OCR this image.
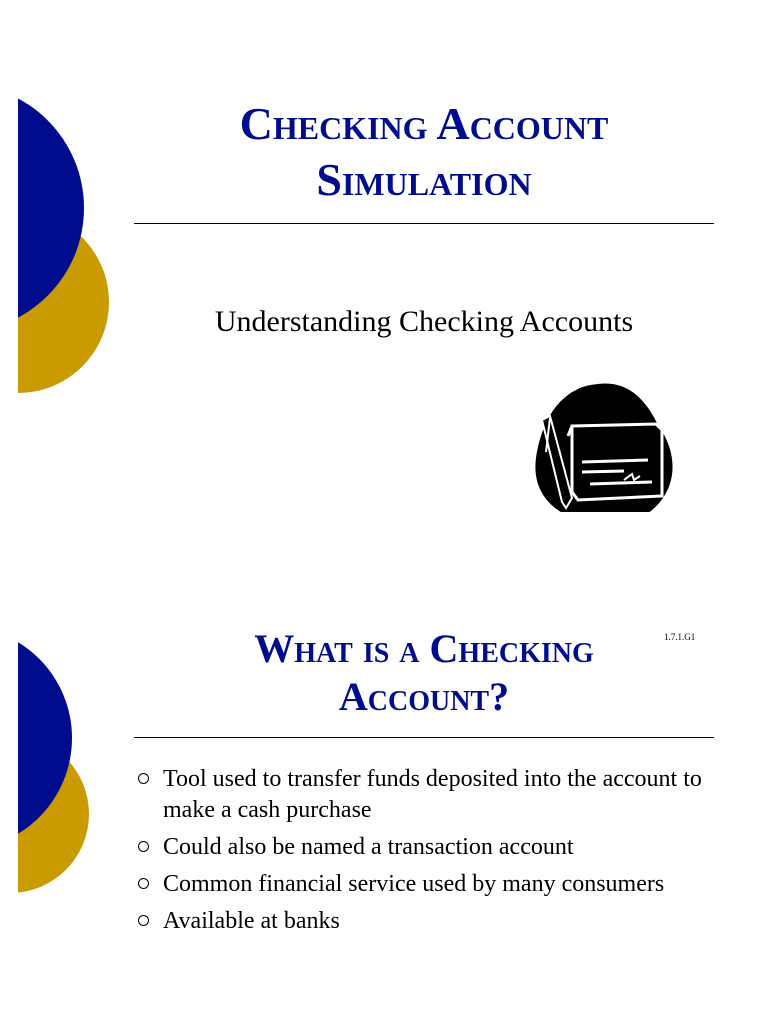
Checking Account
Simulation
Understanding Checking Accounts
1.7.1.G1
What is a Checking
Account?
Tool used to transfer funds deposited into the account to make a cash purchase
Could also be named a transaction account
Common financial service used by many consumers
Available at banks
